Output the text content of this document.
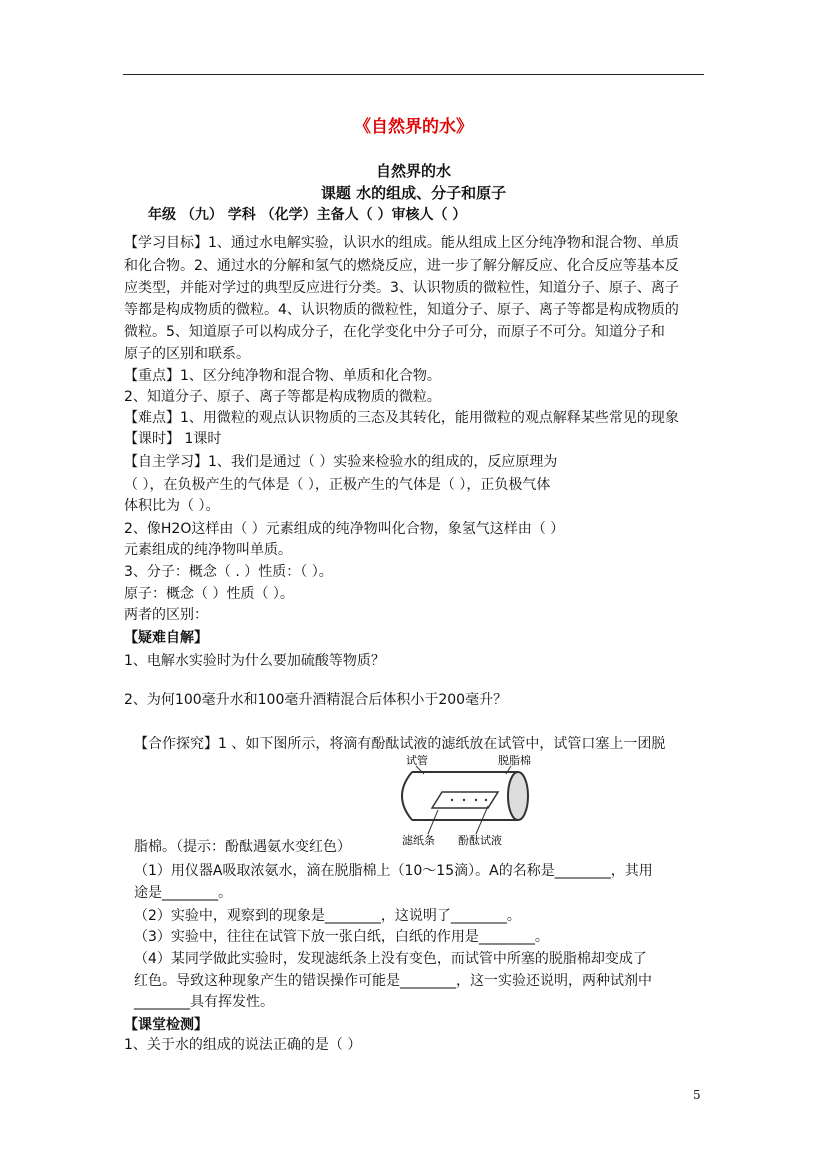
《自然界的水》
自然界的水
课题 水的组成、分子和原子
年级 （九） 学科 （化学）主备人（ ）审核人（ ）
【学习目标】1、通过水电解实验，认识水的组成。能从组成上区分纯净物和混合物、单质
和化合物。2、通过水的分解和氢气的燃烧反应，进一步了解分解反应、化合反应等基本反
应类型，并能对学过的典型反应进行分类。3、认识物质的微粒性，知道分子、原子、离子
等都是构成物质的微粒。4、认识物质的微粒性，知道分子、原子、离子等都是构成物质的
微粒。5、知道原子可以构成分子，在化学变化中分子可分，而原子不可分。知道分子和
原子的区别和联系。
【重点】1、区分纯净物和混合物、单质和化合物。
2、知道分子、原子、离子等都是构成物质的微粒。
【难点】1、用微粒的观点认识物质的三态及其转化，能用微粒的观点解释某些常见的现象
【课时】 1课时
【自主学习】1、我们是通过（ ）实验来检验水的组成的，反应原理为
（ ），在负极产生的气体是（ ），正极产生的气体是（ ），正负极气体
体积比为（ ）。
2、像H2O这样由（ ）元素组成的纯净物叫化合物，象氢气这样由（ ）
元素组成的纯净物叫单质。
3、分子：概念（ . ）性质：（ ）。
原子：概念（ ）性质（ ）。
两者的区别：
【疑难自解】
1、电解水实验时为什么要加硫酸等物质？
2、为何100毫升水和100毫升酒精混合后体积小于200毫升？
【合作探究】1 、如下图所示，将滴有酚酞试液的滤纸放在试管中，试管口塞上一团脱
试管	脱脂棉
滤纸条 酚酞试液
脂棉。（提示：酚酞遇氨水变红色）
（1）用仪器A吸取浓氨水，滴在脱脂棉上（10～15滴）。A的名称是________，其用
途是________。
（2）实验中，观察到的现象是________，这说明了________。
（3）实验中，往往在试管下放一张白纸，白纸的作用是________。
（4）某同学做此实验时，发现滤纸条上没有变色，而试管中所塞的脱脂棉却变成了
红色。导致这种现象产生的错误操作可能是________，这一实验还说明，两种试剂中
________具有挥发性。
【课堂检测】
1、关于水的组成的说法正确的是（ ）
5
